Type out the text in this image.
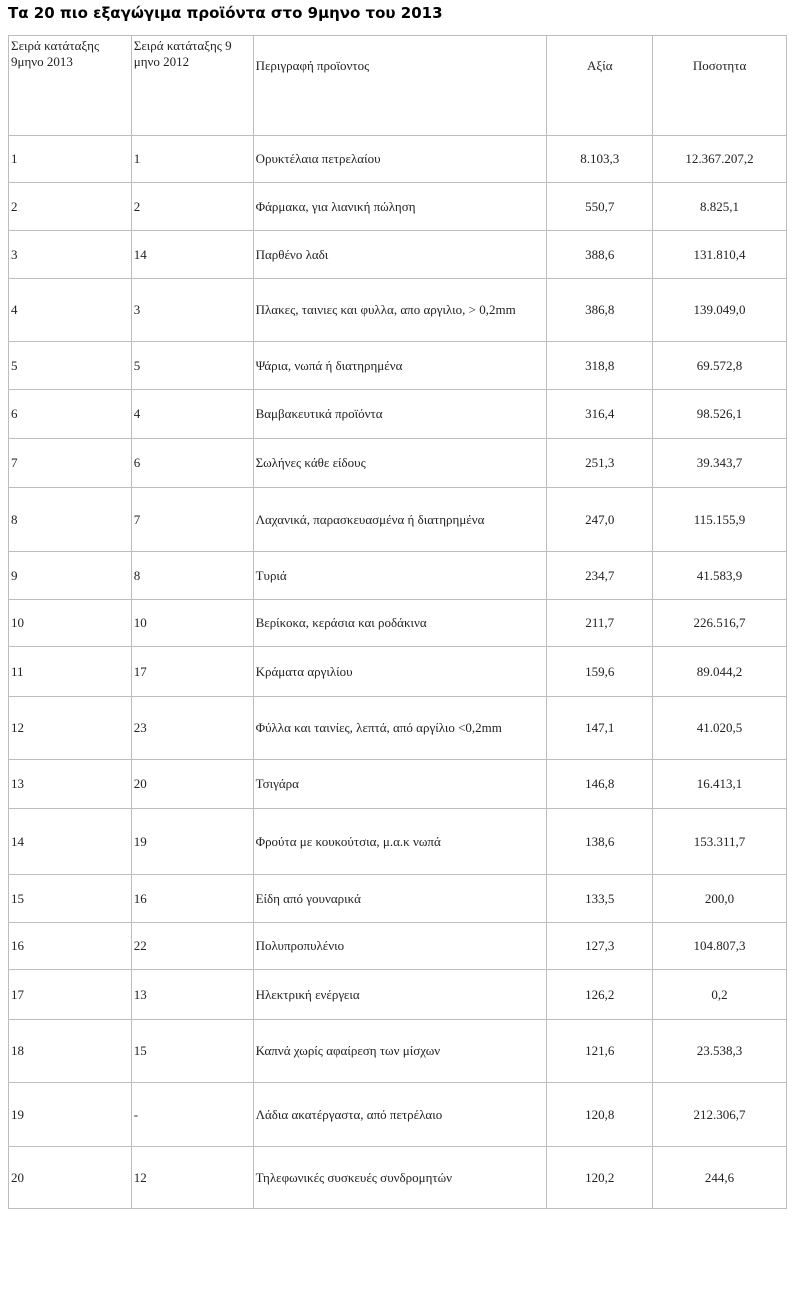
Τα 20 πιο εξαγώγιμα προϊόντα στο 9μηνο του 2013
Σειρά κατάταξης 9μηνο 2013	Σειρά κατάταξης 9 μηνο 2012	Περιγραφή προϊοντος	Αξία	Ποσοτητα
1	1	Ορυκτέλαια πετρελαίου	8.103,3	12.367.207,2
2	2	Φάρμακα, για λιανική πώληση	550,7	8.825,1
3	14	Παρθένο λαδι	388,6	131.810,4
4	3	Πλακες, ταινιες και φυλλα, απο αργιλιο, > 0,2mm	386,8	139.049,0
5	5	Ψάρια, νωπά ή διατηρημένα	318,8	69.572,8
6	4	Βαμβακευτικά προϊόντα	316,4	98.526,1
7	6	Σωλήνες κάθε είδους	251,3	39.343,7
8	7	Λαχανικά, παρασκευασμένα ή διατηρημένα	247,0	115.155,9
9	8	Τυριά	234,7	41.583,9
10	10	Βερίκοκα, κεράσια και ροδάκινα	211,7	226.516,7
11	17	Κράματα αργιλίου	159,6	89.044,2
12	23	Φύλλα και ταινίες, λεπτά, από αργίλιο <0,2mm	147,1	41.020,5
13	20	Τσιγάρα	146,8	16.413,1
14	19	Φρούτα με κουκούτσια, μ.α.κ νωπά	138,6	153.311,7
15	16	Είδη από γουναρικά	133,5	200,0
16	22	Πολυπροπυλένιο	127,3	104.807,3
17	13	Ηλεκτρική ενέργεια	126,2	0,2
18	15	Καπνά χωρίς αφαίρεση των μίσχων	121,6	23.538,3
19	-	Λάδια ακατέργαστα, από πετρέλαιο	120,8	212.306,7
20	12	Τηλεφωνικές συσκευές συνδρομητών	120,2	244,6
